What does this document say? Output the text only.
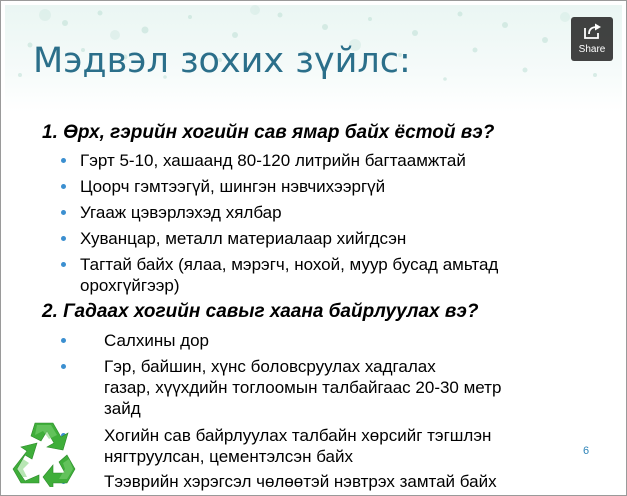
Мэдвэл зохих зүйлс:
1. Өрх, гэрийн хогийн сав ямар байх ёстой вэ?
Гэрт 5-10, хашаанд 80-120 литрийн багтаамжтай
Цоорч гэмтээгүй, шингэн нэвчихээргүй
Угааж цэвэрлэхэд хялбар
Хуванцар, металл материалаар хийгдсэн
Тагтай байх (ялаа, мэрэгч, нохой, муур бусад амьтад
орохгүйгээр)
2. Гадаах хогийн савыг хаана байрлуулах вэ?
Салхины дор
Гэр, байшин, хүнс боловсруулах хадгалах
газар, хүүхдийн тоглоомын талбайгаас 20-30 метр
зайд
Хогийн сав байрлуулах талбайн хөрсийг тэгшлэн
нягтруулсан, цементэлсэн байх
Тээврийн хэрэгсэл чөлөөтэй нэвтрэх замтай байх
6
Share
